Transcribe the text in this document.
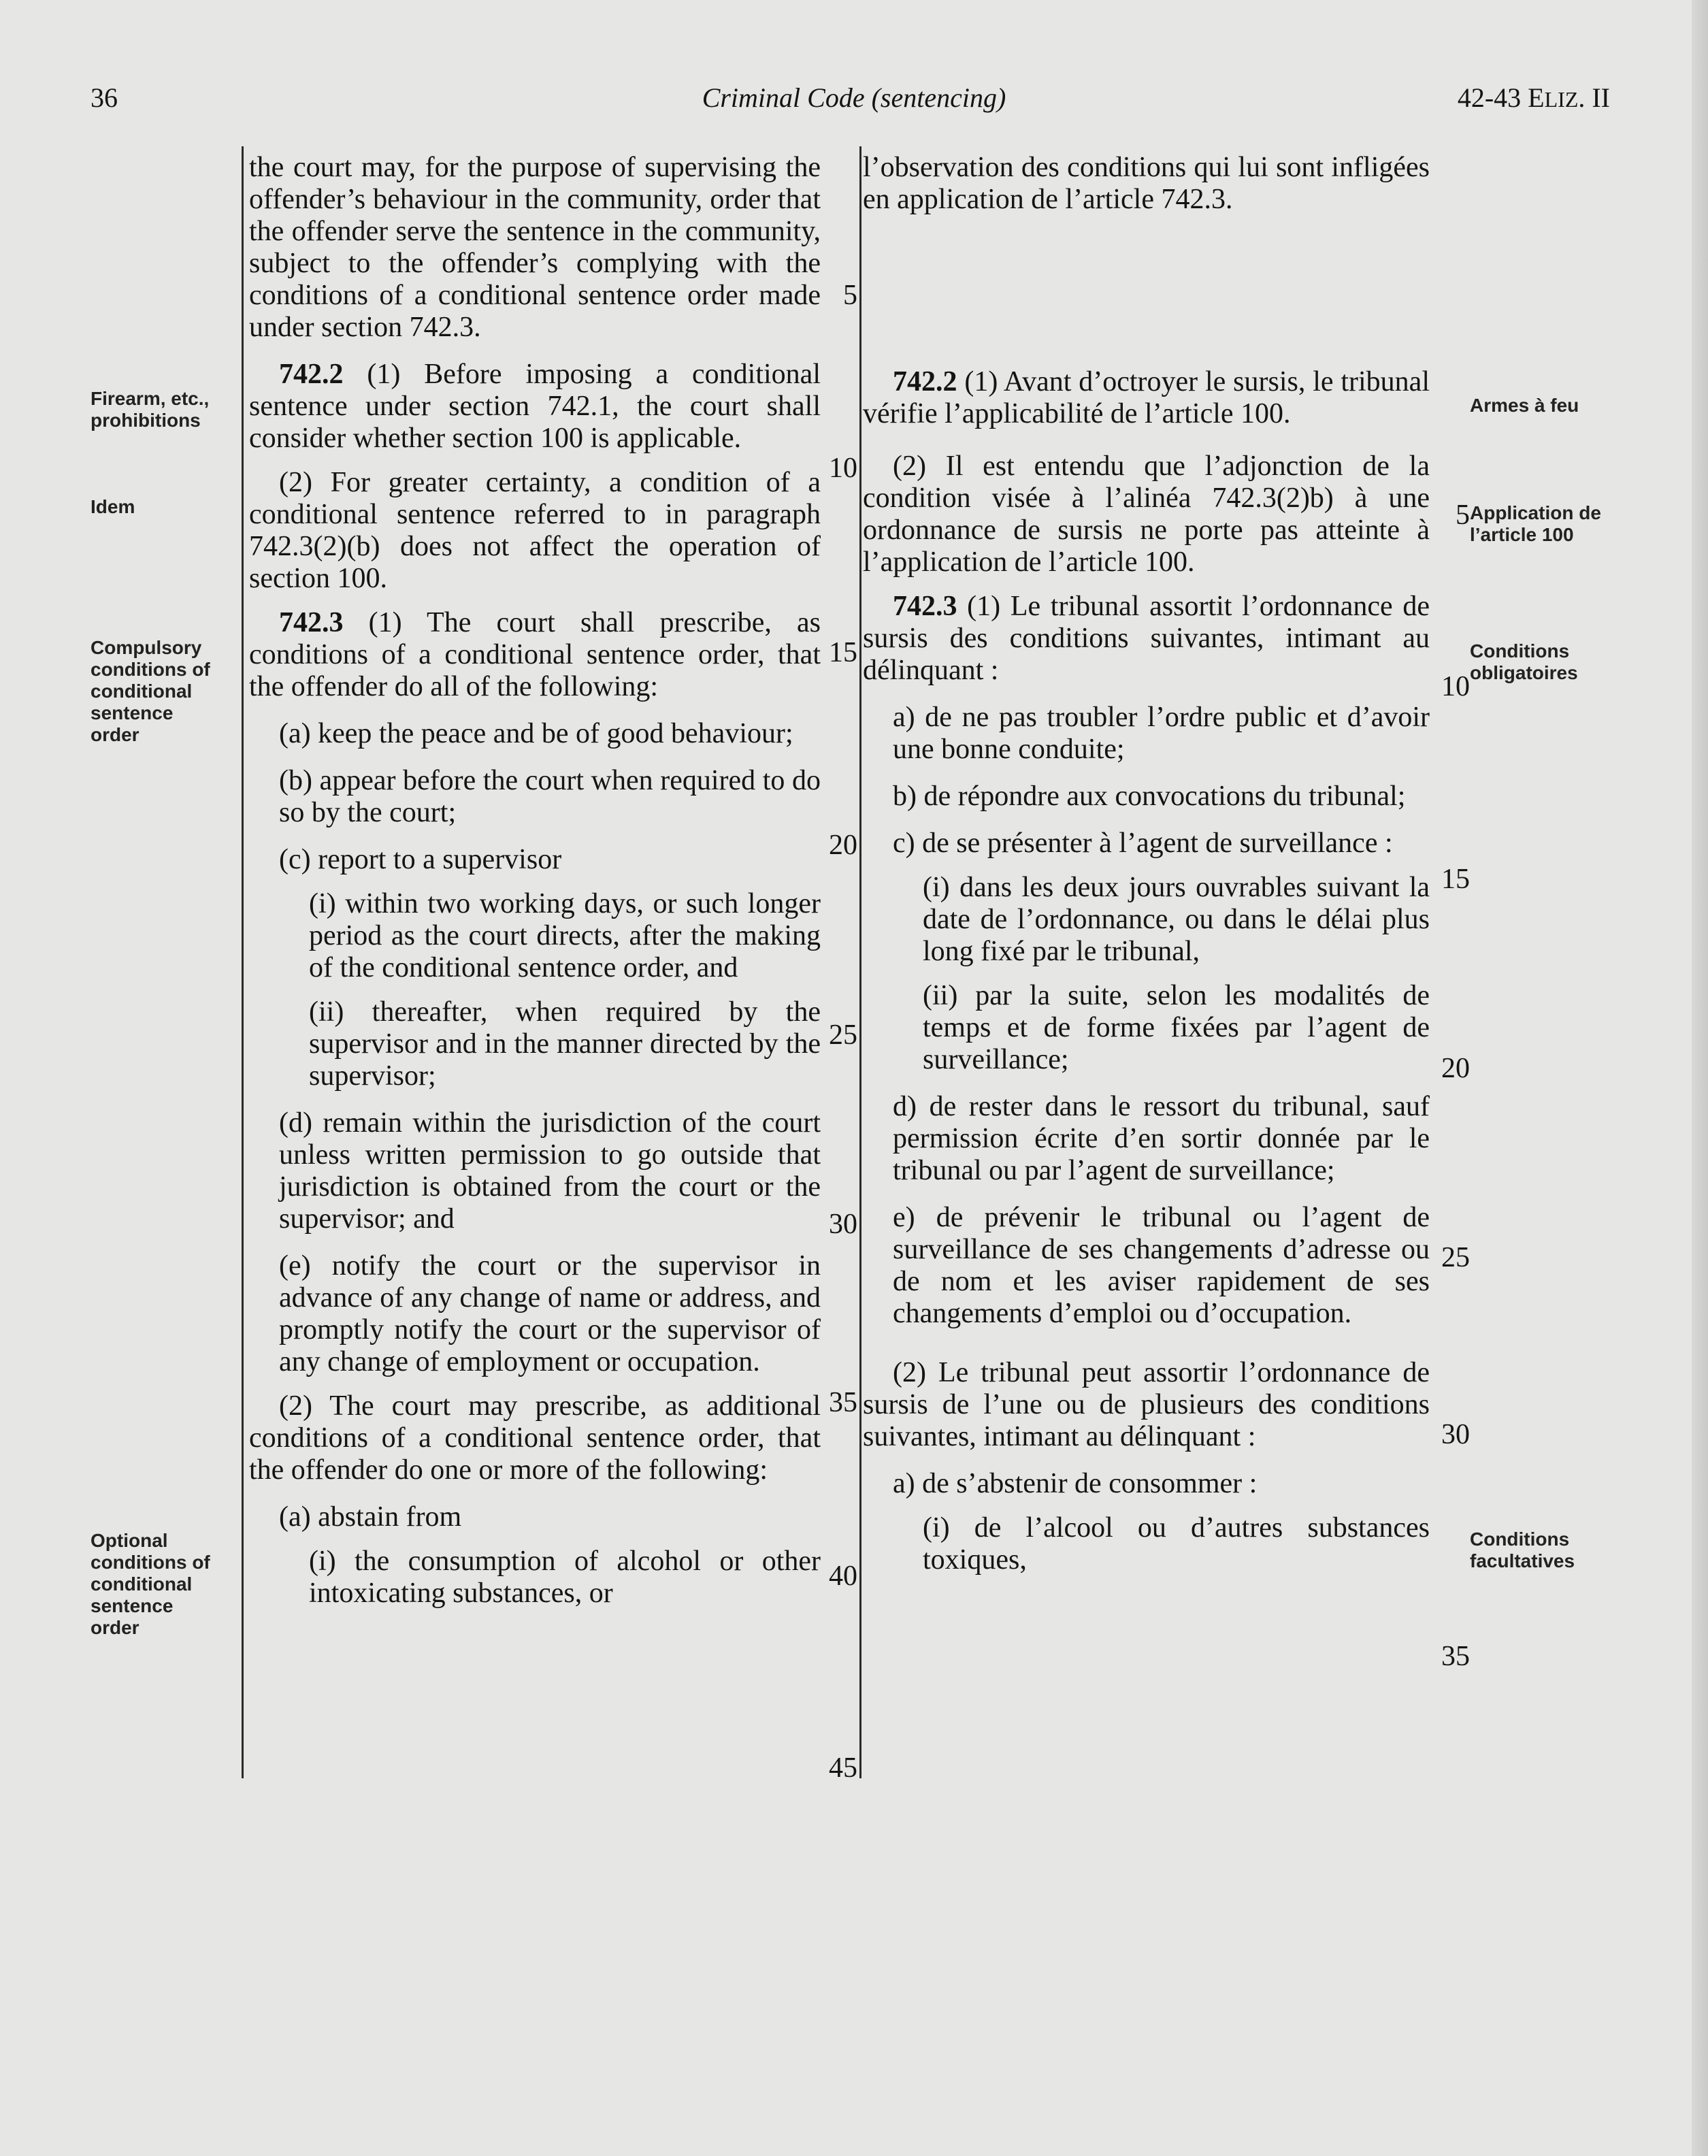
36	Criminal Code (sentencing)	42-43 ELIZ. II
Firearm, etc., prohibitions
Idem
Compulsory conditions of conditional sentence order
Optional conditions of conditional sentence order
Armes à feu
Application de l’article 100
Conditions obligatoires
Conditions facultatives

the court may, for the purpose of supervising the offender’s behaviour in the community, order that the offender serve the sentence in the community, subject to the offender’s complying with the conditions of a conditional sentence order made under section 742.3.

742.2 (1) Before imposing a conditional sentence under section 742.1, the court shall consider whether section 100 is applicable.

(2) For greater certainty, a condition of a conditional sentence referred to in paragraph 742.3(2)(b) does not affect the operation of section 100.

742.3 (1) The court shall prescribe, as conditions of a conditional sentence order, that the offender do all of the following:

(a) keep the peace and be of good behaviour;

(b) appear before the court when required to do so by the court;

(c) report to a supervisor

(i) within two working days, or such longer period as the court directs, after the making of the conditional sentence order, and

(ii) thereafter, when required by the supervisor and in the manner directed by the supervisor;

(d) remain within the jurisdiction of the court unless written permission to go outside that jurisdiction is obtained from the court or the supervisor; and

(e) notify the court or the supervisor in advance of any change of name or address, and promptly notify the court or the supervisor of any change of employment or occupation.

(2) The court may prescribe, as additional conditions of a conditional sentence order, that the offender do one or more of the following:

(a) abstain from

(i) the consumption of alcohol or other intoxicating substances, or

5
10
15
20
25
30
35
40
45

l’observation des conditions qui lui sont infligées en application de l’article 742.3.

742.2 (1) Avant d’octroyer le sursis, le tribunal vérifie l’applicabilité de l’article 100.

(2) Il est entendu que l’adjonction de la condition visée à l’alinéa 742.3(2)b) à une ordonnance de sursis ne porte pas atteinte à l’application de l’article 100.

742.3 (1) Le tribunal assortit l’ordonnance de sursis des conditions suivantes, intimant au délinquant :

a) de ne pas troubler l’ordre public et d’avoir une bonne conduite;

b) de répondre aux convocations du tribunal;

c) de se présenter à l’agent de surveillance :

(i) dans les deux jours ouvrables suivant la date de l’ordonnance, ou dans le délai plus long fixé par le tribunal,

(ii) par la suite, selon les modalités de temps et de forme fixées par l’agent de surveillance;

d) de rester dans le ressort du tribunal, sauf permission écrite d’en sortir donnée par le tribunal ou par l’agent de surveillance;

e) de prévenir le tribunal ou l’agent de surveillance de ses changements d’adresse ou de nom et les aviser rapidement de ses changements d’emploi ou d’occupation.

(2) Le tribunal peut assortir l’ordonnance de sursis de l’une ou de plusieurs des conditions suivantes, intimant au délinquant :

a) de s’abstenir de consommer :

(i) de l’alcool ou d’autres substances toxiques,

5
10
15
20
25
30
35
